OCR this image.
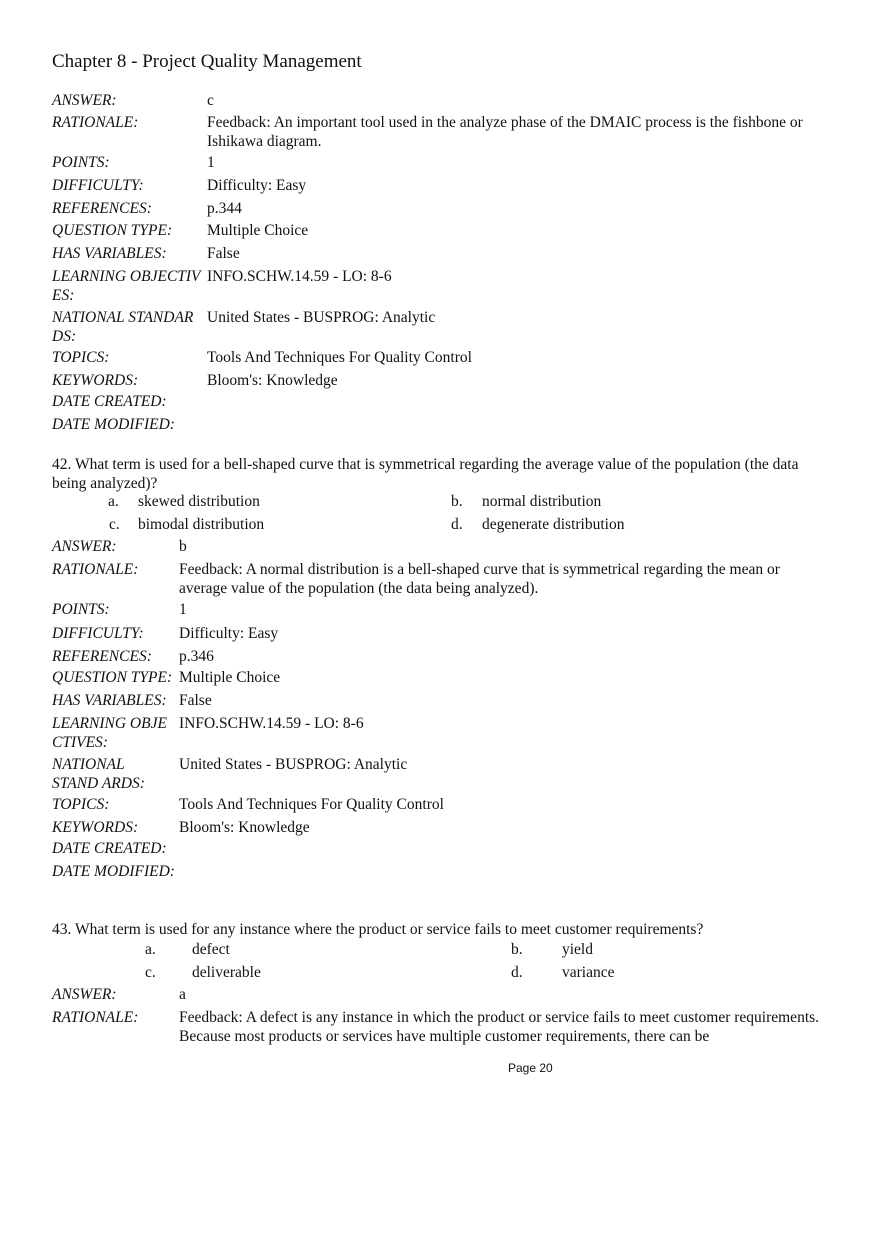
Chapter 8 - Project Quality Management
ANSWER:	c
RATIONALE:	Feedback: An important tool used in the analyze phase of the DMAIC process is the fishbone or Ishikawa diagram.
POINTS:	1
DIFFICULTY:	Difficulty: Easy
REFERENCES:	p.344
QUESTION TYPE:	Multiple Choice
HAS VARIABLES:	False
LEARNING OBJECTIV ES:
INFO.SCHW.14.59 - LO: 8-6
NATIONAL STANDAR DS:
United States - BUSPROG: Analytic
TOPICS:	Tools And Techniques For Quality Control
KEYWORDS:	Bloom's: Knowledge
DATE CREATED:
DATE MODIFIED:
42. What term is used for a bell-shaped curve that is symmetrical regarding the average value of the population (the data being analyzed)?
a. skewed distribution	b. normal distribution
c. bimodal distribution	d. degenerate distribution
ANSWER:	b
RATIONALE:	Feedback: A normal distribution is a bell-shaped curve that is symmetrical regarding the mean or average value of the population (the data being analyzed).
POINTS:	1
DIFFICULTY:	Difficulty: Easy
REFERENCES:	p.346
QUESTION TYPE: Multiple Choice
HAS VARIABLES: False
LEARNING OBJE CTIVES:
INFO.SCHW.14.59 - LO: 8-6
NATIONAL STAND ARDS:
United States - BUSPROG: Analytic
TOPICS:	Tools And Techniques For Quality Control
KEYWORDS:	Bloom's: Knowledge
DATE CREATED:
DATE MODIFIED:
43. What term is used for any instance where the product or service fails to meet customer requirements?
a. defect	b.	yield
c. deliverable	d.	variance
ANSWER:	a
RATIONALE:	Feedback: A defect is any instance in which the product or service fails to meet customer requirements. Because most products or services have multiple customer requirements, there can be
Page 20
